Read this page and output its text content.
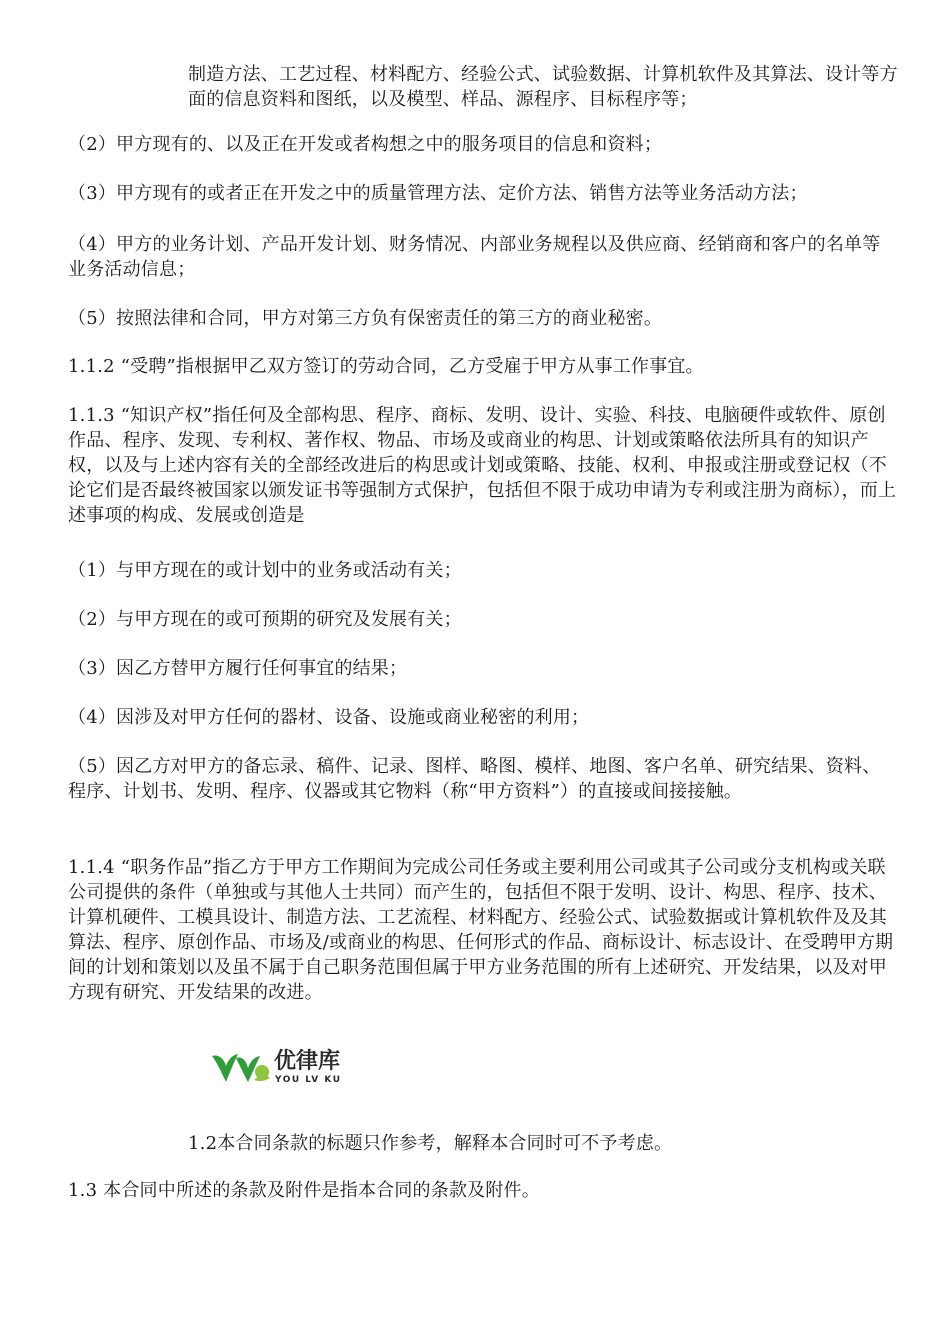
制造方法、工艺过程、材料配方、经验公式、试验数据、计算机软件及其算法、设计等方面的信息资料和图纸，以及模型、样品、源程序、目标程序等；

（2）甲方现有的、以及正在开发或者构想之中的服务项目的信息和资料；

（3）甲方现有的或者正在开发之中的质量管理方法、定价方法、销售方法等业务活动方法；

（4）甲方的业务计划、产品开发计划、财务情况、内部业务规程以及供应商、经销商和客户的名单等业务活动信息；

（5）按照法律和合同，甲方对第三方负有保密责任的第三方的商业秘密。

1.1.2 “受聘”指根据甲乙双方签订的劳动合同，乙方受雇于甲方从事工作事宜。

1.1.3 “知识产权”指任何及全部构思、程序、商标、发明、设计、实验、科技、电脑硬件或软件、原创作品、程序、发现、专利权、著作权、物品、市场及或商业的构思、计划或策略依法所具有的知识产权，以及与上述内容有关的全部经改进后的构思或计划或策略、技能、权利、申报或注册或登记权（不论它们是否最终被国家以颁发证书等强制方式保护，包括但不限于成功申请为专利或注册为商标），而上述事项的构成、发展或创造是

（1）与甲方现在的或计划中的业务或活动有关；

（2）与甲方现在的或可预期的研究及发展有关；

（3）因乙方替甲方履行任何事宜的结果；

（4）因涉及对甲方任何的器材、设备、设施或商业秘密的利用；

（5）因乙方对甲方的备忘录、稿件、记录、图样、略图、模样、地图、客户名单、研究结果、资料、程序、计划书、发明、程序、仪器或其它物料（称“甲方资料”）的直接或间接接触。

1.1.4 “职务作品”指乙方于甲方工作期间为完成公司任务或主要利用公司或其子公司或分支机构或关联公司提供的条件（单独或与其他人士共同）而产生的，包括但不限于发明、设计、构思、程序、技术、计算机硬件、工模具设计、制造方法、工艺流程、材料配方、经验公式、试验数据或计算机软件及及其算法、程序、原创作品、市场及/或商业的构思、任何形式的作品、商标设计、标志设计、在受聘甲方期间的计划和策划以及虽不属于自己职务范围但属于甲方业务范围的所有上述研究、开发结果，以及对甲方现有研究、开发结果的改进。

优律库
YOU LV KU

1.2本合同条款的标题只作参考，解释本合同时可不予考虑。

1.3 本合同中所述的条款及附件是指本合同的条款及附件。
